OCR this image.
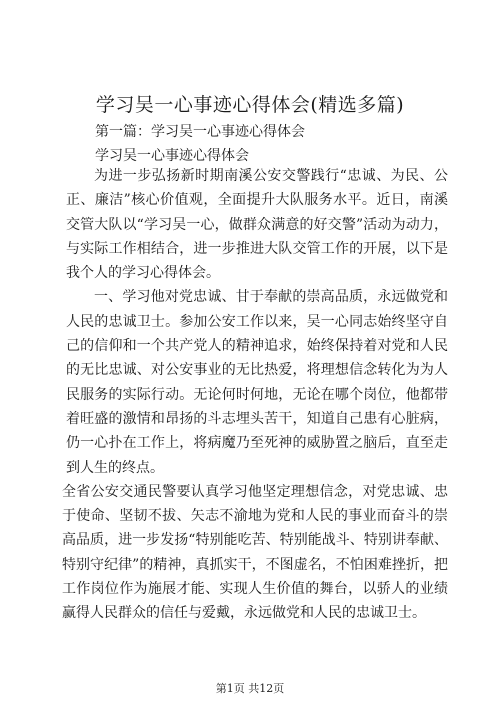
学习吴一心事迹心得体会(精选多篇)

第一篇：学习吴一心事迹心得体会

学习吴一心事迹心得体会

为进一步弘扬新时期南溪公安交警践行“忠诚、为民、公正、廉洁”核心价值观，全面提升大队服务水平。近日，南溪交管大队以“学习吴一心，做群众满意的好交警”活动为动力，与实际工作相结合，进一步推进大队交管工作的开展，以下是我个人的学习心得体会。

一、学习他对党忠诚、甘于奉献的崇高品质，永远做党和人民的忠诚卫士。参加公安工作以来，吴一心同志始终坚守自己的信仰和一个共产党人的精神追求，始终保持着对党和人民的无比忠诚、对公安事业的无比热爱，将理想信念转化为为人民服务的实际行动。无论何时何地，无论在哪个岗位，他都带着旺盛的激情和昂扬的斗志埋头苦干，知道自己患有心脏病，仍一心扑在工作上，将病魔乃至死神的威胁置之脑后，直至走到人生的终点。

全省公安交通民警要认真学习他坚定理想信念，对党忠诚、忠于使命、坚韧不拔、矢志不渝地为党和人民的事业而奋斗的崇高品质，进一步发扬“特别能吃苦、特别能战斗、特别讲奉献、特别守纪律”的精神，真抓实干，不图虚名，不怕困难挫折，把工作岗位作为施展才能、实现人生价值的舞台，以骄人的业绩赢得人民群众的信任与爱戴，永远做党和人民的忠诚卫士。

第1页 共12页
